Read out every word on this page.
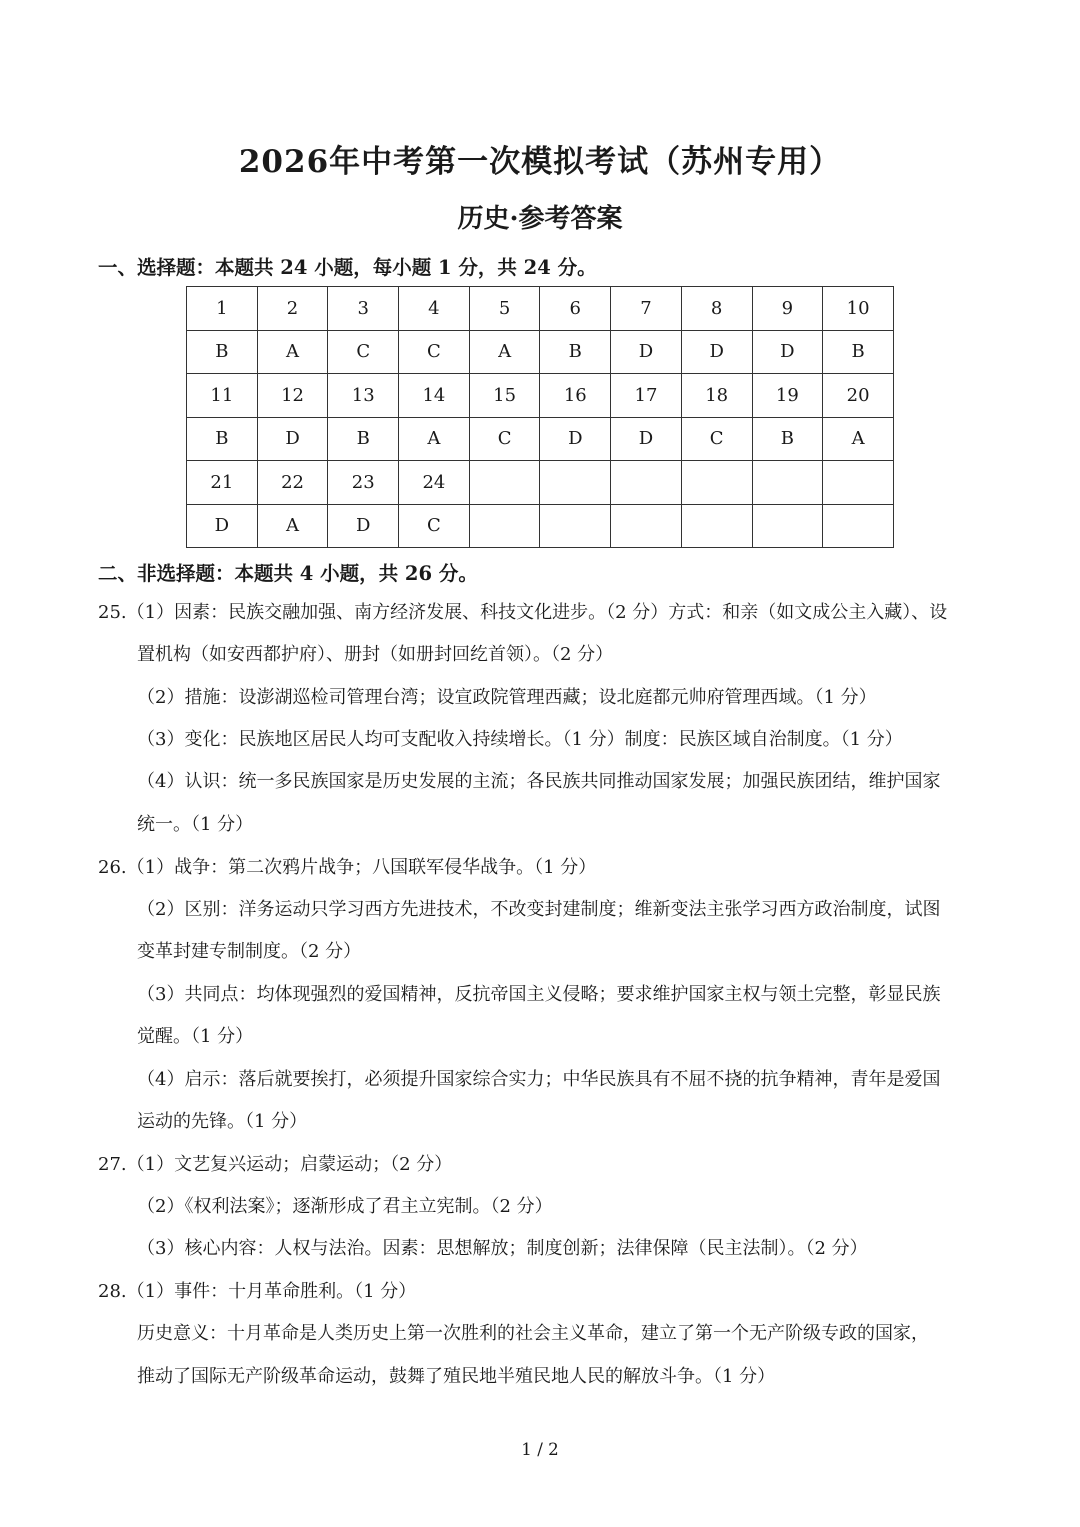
2026年中考第一次模拟考试（苏州专用）
历史·参考答案
一、选择题：本题共 24 小题，每小题 1 分，共 24 分。
1	2	3	4	5	6	7	8	9	10
B	A	C	C	A	B	D	D	D	B
11	12	13	14	15	16	17	18	19	20
B	D	B	A	C	D	D	C	B	A
21	22	23	24						
D	A	D	C						
二、非选择题：本题共 4 小题，共 26 分。
25.（1）因素：民族交融加强、南方经济发展、科技文化进步。（2 分）方式：和亲（如文成公主入藏）、设
置机构（如安西都护府）、册封（如册封回纥首领）。（2 分）
（2）措施：设澎湖巡检司管理台湾；设宣政院管理西藏；设北庭都元帅府管理西域。（1 分）
（3）变化：民族地区居民人均可支配收入持续增长。（1 分）制度：民族区域自治制度。（1 分）
（4）认识：统一多民族国家是历史发展的主流；各民族共同推动国家发展；加强民族团结，维护国家
统一。（1 分）
26.（1）战争：第二次鸦片战争；八国联军侵华战争。（1 分）
（2）区别：洋务运动只学习西方先进技术，不改变封建制度；维新变法主张学习西方政治制度，试图
变革封建专制制度。（2 分）
（3）共同点：均体现强烈的爱国精神，反抗帝国主义侵略；要求维护国家主权与领土完整，彰显民族
觉醒。（1 分）
（4）启示：落后就要挨打，必须提升国家综合实力；中华民族具有不屈不挠的抗争精神，青年是爱国
运动的先锋。（1 分）
27.（1）文艺复兴运动；启蒙运动；（2 分）
（2）《权利法案》；逐渐形成了君主立宪制。（2 分）
（3）核心内容：人权与法治。因素：思想解放；制度创新；法律保障（民主法制）。（2 分）
28.（1）事件：十月革命胜利。（1 分）
历史意义：十月革命是人类历史上第一次胜利的社会主义革命，建立了第一个无产阶级专政的国家，
推动了国际无产阶级革命运动，鼓舞了殖民地半殖民地人民的解放斗争。（1 分）
1 / 2
